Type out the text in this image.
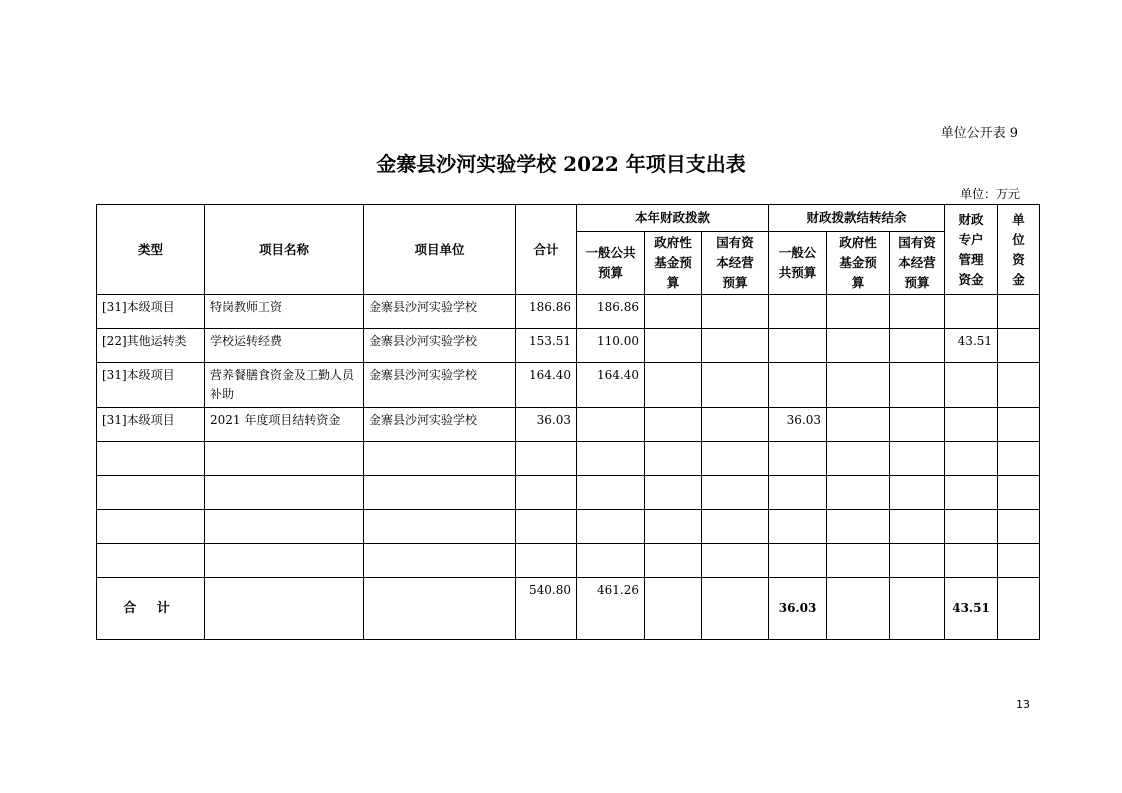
单位公开表 9
金寨县沙河实验学校 2022 年项目支出表
单位：万元
类型	项目名称	项目单位	合计	本年财政拨款			财政拨款结转结余			财政专户管理资金	单位资金
				一般公共预算	政府性基金预算	国有资本经营预算	一般公共预算	政府性基金预算	国有资本经营预算		
[31]本级项目	特岗教师工资	金寨县沙河实验学校	186.86	186.86							
[22]其他运转类	学校运转经费	金寨县沙河实验学校	153.51	110.00						43.51	
[31]本级项目	营养餐膳食资金及工勤人员补助	金寨县沙河实验学校	164.40	164.40							
[31]本级项目	2021 年度项目结转资金	金寨县沙河实验学校	36.03				36.03				

合 计			540.80	461.26			36.03			43.51	
13
